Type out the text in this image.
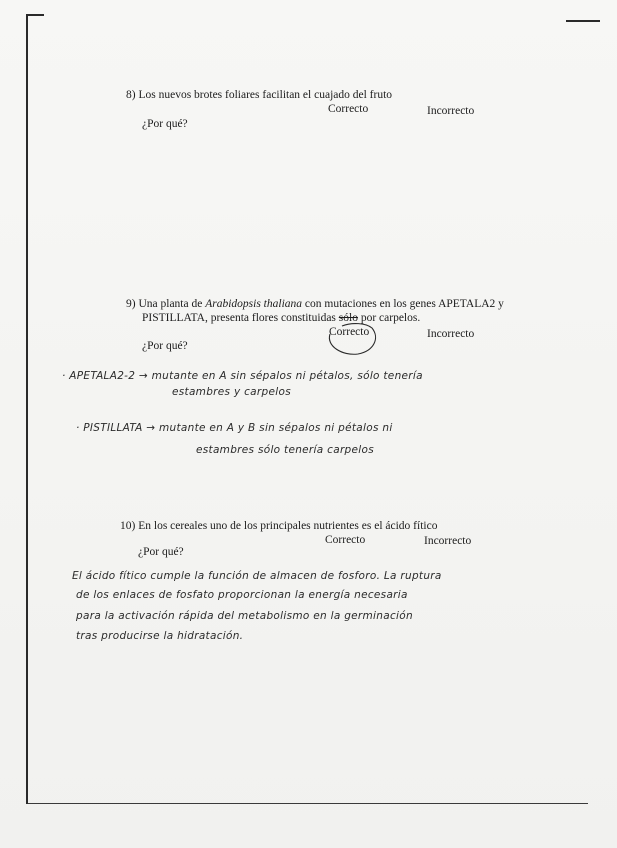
8) Los nuevos brotes foliares facilitan el cuajado del fruto
Correcto	Incorrecto
¿Por qué?
9) Una planta de Arabidopsis thaliana con mutaciones en los genes APETALA2 y
PISTILLATA, presenta flores constituidas sólo por carpelos.
Correcto	Incorrecto
¿Por qué?
· APETALA2-2 → mutante en A sin sépalos ni pétalos, sólo tenería
estambres y carpelos
· PISTILLATA → mutante en A y B sin sépalos ni pétalos ni
estambres sólo tenería carpelos
10) En los cereales uno de los principales nutrientes es el ácido fítico
Correcto	Incorrecto
¿Por qué?
El ácido fítico cumple la función de almacen de fosforo. La ruptura
de los enlaces de fosfato proporcionan la energía necesaria
para la activación rápida del metabolismo en la germinación
tras producirse la hidratación.
